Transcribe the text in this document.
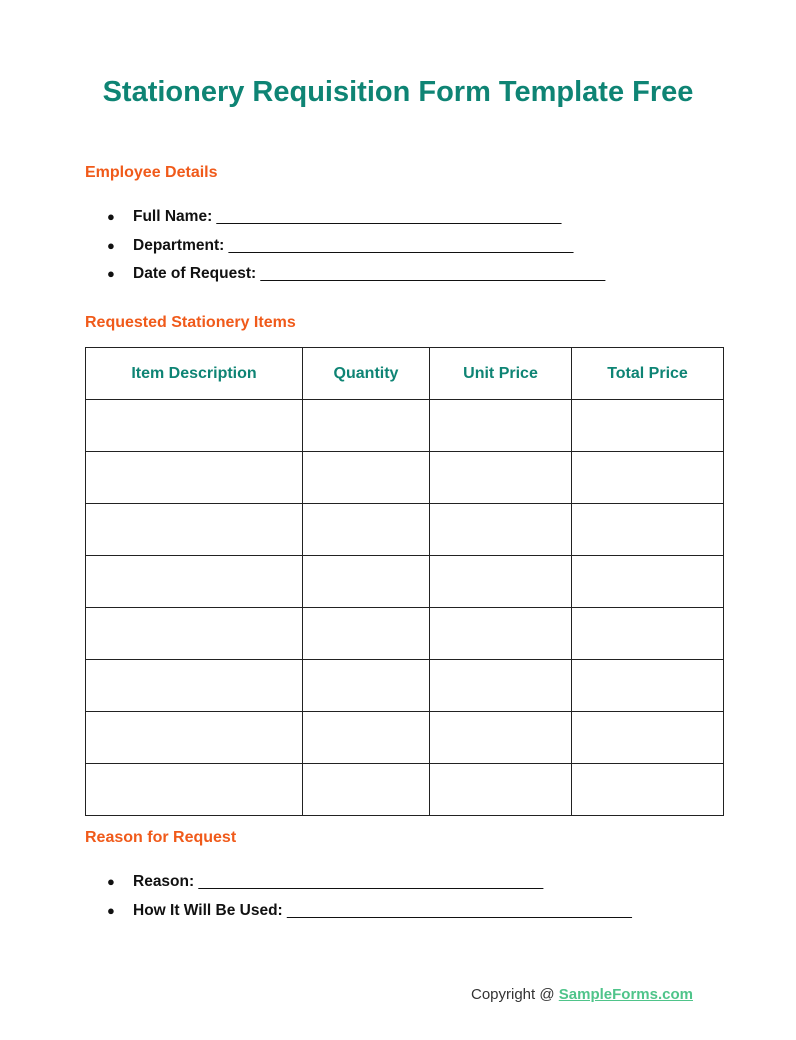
Stationery Requisition Form Template Free
Employee Details
● Full Name: ________________________________________
● Department: ________________________________________
● Date of Request: ________________________________________
Requested Stationery Items
Item Description	Quantity	Unit Price	Total Price

Reason for Request
● Reason: ________________________________________
● How It Will Be Used: ________________________________________
Copyright @ SampleForms.com
